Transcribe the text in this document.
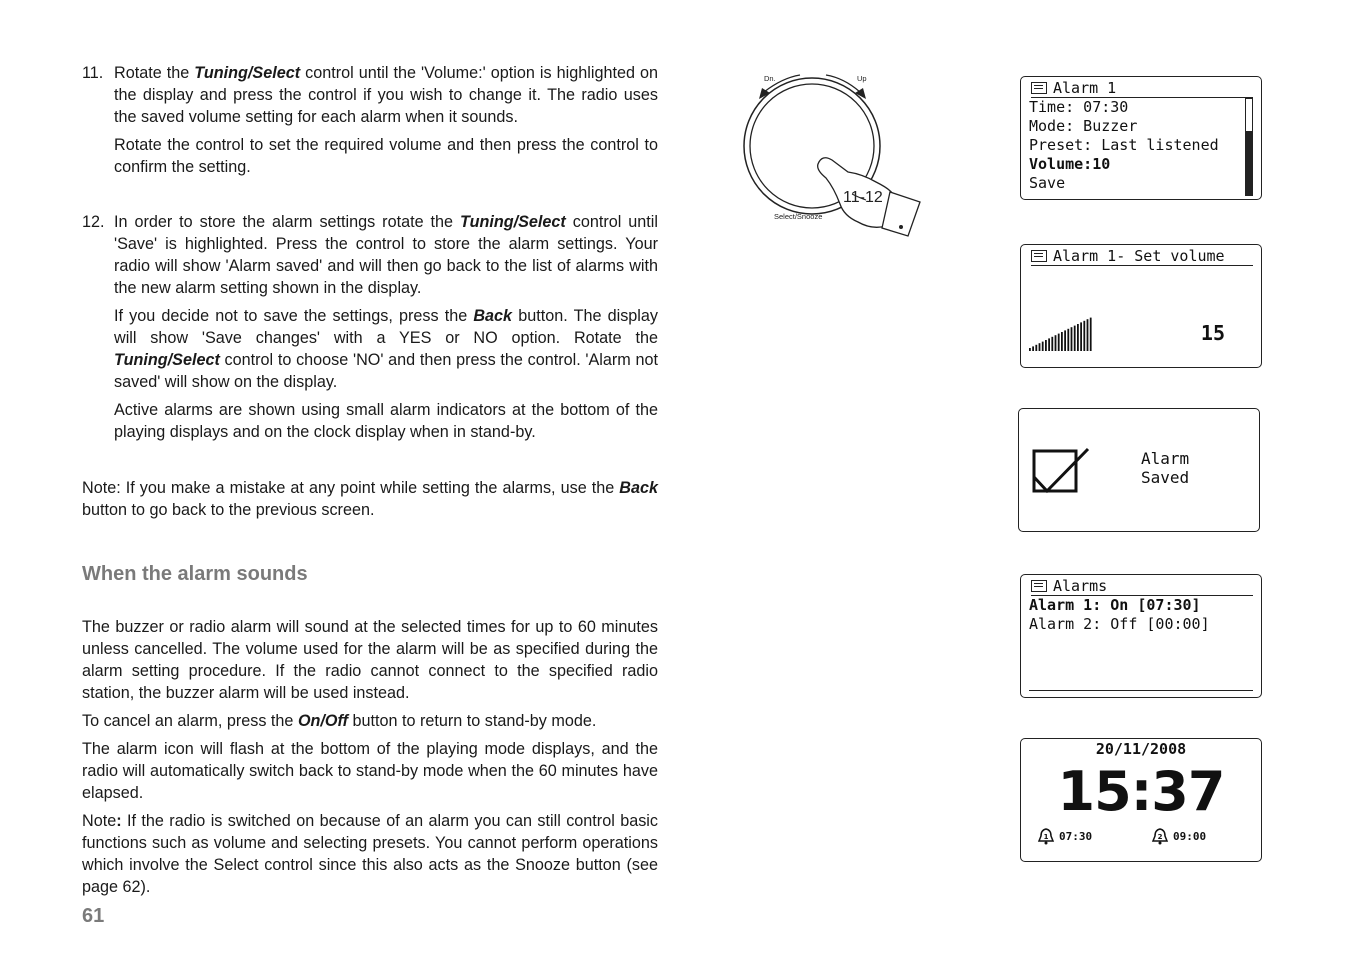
11. Rotate the Tuning/Select control until the 'Volume:' option is highlighted on the display and press the control if you wish to change it. The radio uses the saved volume setting for each alarm when it sounds.

Rotate the control to set the required volume and then press the control to confirm the setting.

12. In order to store the alarm settings rotate the Tuning/Select control until 'Save' is highlighted. Press the control to store the alarm settings. Your radio will show 'Alarm saved' and will then go back to the list of alarms with the new alarm setting shown in the display.

If you decide not to save the settings, press the Back button. The display will show 'Save changes' with a YES or NO option. Rotate the Tuning/Select control to choose 'NO' and then press the control. 'Alarm not saved' will show on the display.

Active alarms are shown using small alarm indicators at the bottom of the playing displays and on the clock display when in stand-by.

Note: If you make a mistake at any point while setting the alarms, use the Back button to go back to the previous screen.

When the alarm sounds

The buzzer or radio alarm will sound at the selected times for up to 60 minutes unless cancelled. The volume used for the alarm will be as specified during the alarm setting procedure. If the radio cannot connect to the specified radio station, the buzzer alarm will be used instead.

To cancel an alarm, press the On/Off button to return to stand-by mode.

The alarm icon will flash at the bottom of the playing mode displays, and the radio will automatically switch back to stand-by mode when the 60 minutes have elapsed.

Note: If the radio is switched on because of an alarm you can still control basic functions such as volume and selecting presets. You cannot perform operations which involve the Select control since this also acts as the Snooze button (see page 62).

61
Dn.	Up
Select/Snooze
11-12
Alarm 1
Time: 07:30
Mode: Buzzer
Preset: Last listened
Volume:10
Save
Alarm 1- Set volume
15
Alarm
Saved
Alarms
Alarm 1: On [07:30]
Alarm 2: Off [00:00]
20/11/2008
15:37
1 07:30	2 09:00
